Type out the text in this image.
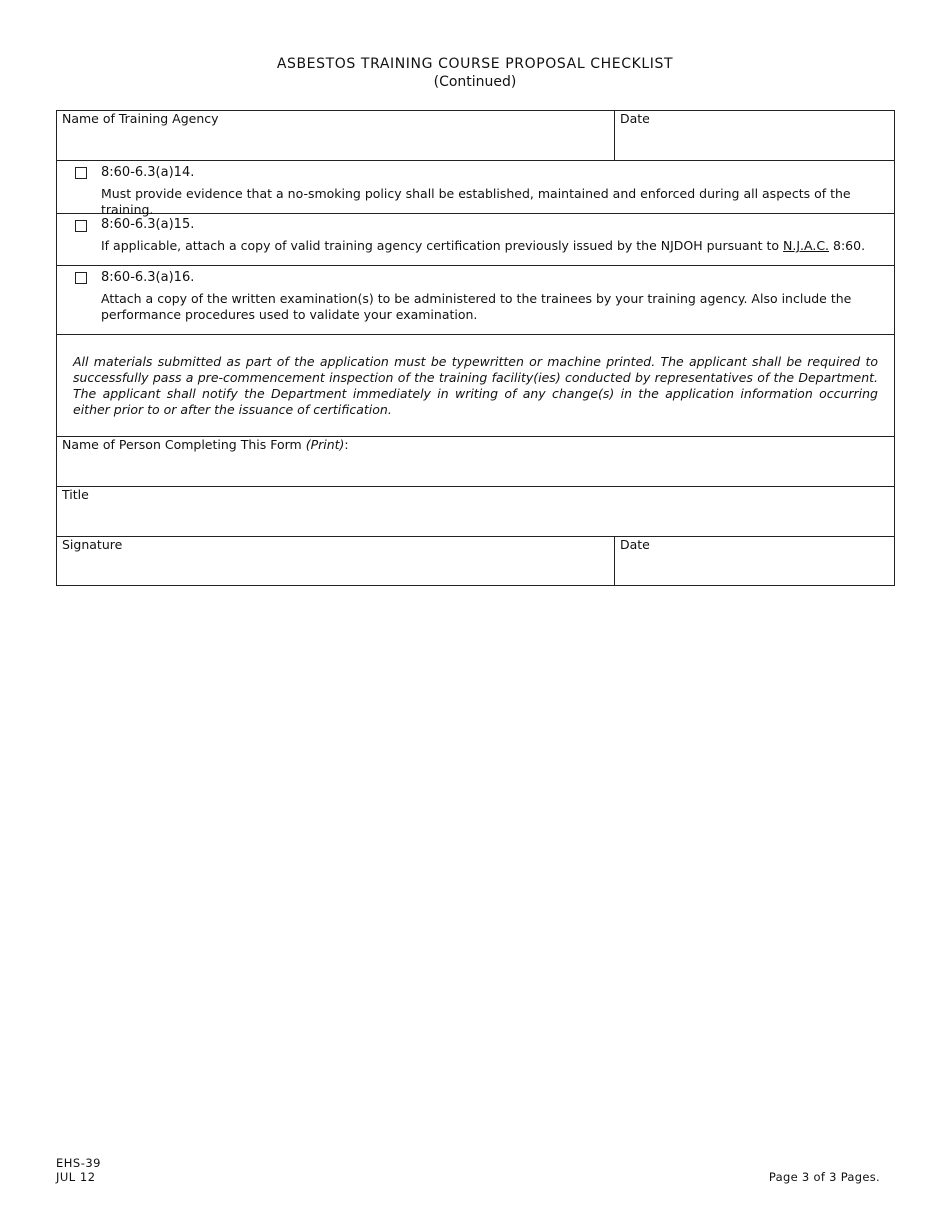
ASBESTOS TRAINING COURSE PROPOSAL CHECKLIST
(Continued)
Name of Training Agency	Date
8:60-6.3(a)14.
Must provide evidence that a no-smoking policy shall be established, maintained and enforced during all aspects of the training.
8:60-6.3(a)15.
If applicable, attach a copy of valid training agency certification previously issued by the NJDOH pursuant to N.J.A.C. 8:60.
8:60-6.3(a)16.
Attach a copy of the written examination(s) to be administered to the trainees by your training agency. Also include the performance procedures used to validate your examination.
All materials submitted as part of the application must be typewritten or machine printed. The applicant shall be required to successfully pass a pre-commencement inspection of the training facility(ies) conducted by representatives of the Department. The applicant shall notify the Department immediately in writing of any change(s) in the application information occurring either prior to or after the issuance of certification.
Name of Person Completing This Form (Print):
Title
Signature	Date
EHS-39
JUL 12	Page 3 of 3 Pages.
